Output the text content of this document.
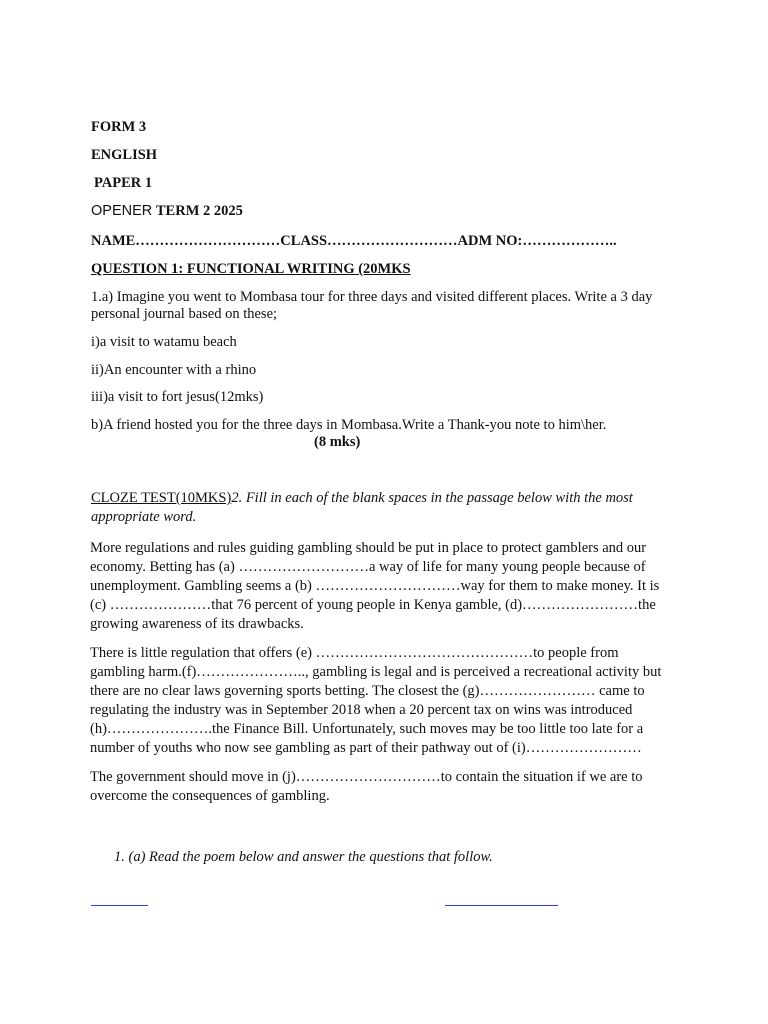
FORM 3
ENGLISH
PAPER 1
OPENER TERM 2 2025
NAME…………………………CLASS………………………ADM NO:………………..
QUESTION 1: FUNCTIONAL WRITING (20MKS
1.a) Imagine you went to Mombasa tour for three days and visited different places. Write a 3 day
personal journal based on these;
i)a visit to watamu beach
ii)An encounter with a rhino
iii)a visit to fort jesus(12mks)
b)A friend hosted you for the three days in Mombasa.Write a Thank-you note to him\her.
(8 mks)
CLOZE TEST(10MKS)2. Fill in each of the blank spaces in the passage below with the most
appropriate word.
More regulations and rules guiding gambling should be put in place to protect gamblers and our
economy. Betting has (a) ………………………a way of life for many young people because of
unemployment. Gambling seems a (b) …………………………way for them to make money. It is
(c) …………………that 76 percent of young people in Kenya gamble, (d)……………………the
growing awareness of its drawbacks.
There is little regulation that offers (e) ………………………………………to people from
gambling harm.(f)………………….., gambling is legal and is perceived a recreational activity but
there are no clear laws governing sports betting. The closest the (g)…………………… came to
regulating the industry was in September 2018 when a 20 percent tax on wins was introduced
(h)………………….the Finance Bill. Unfortunately, such moves may be too little too late for a
number of youths who now see gambling as part of their pathway out of (i)……………………
The government should move in (j)…………………………to contain the situation if we are to
overcome the consequences of gambling.
1. (a) Read the poem below and answer the questions that follow.
